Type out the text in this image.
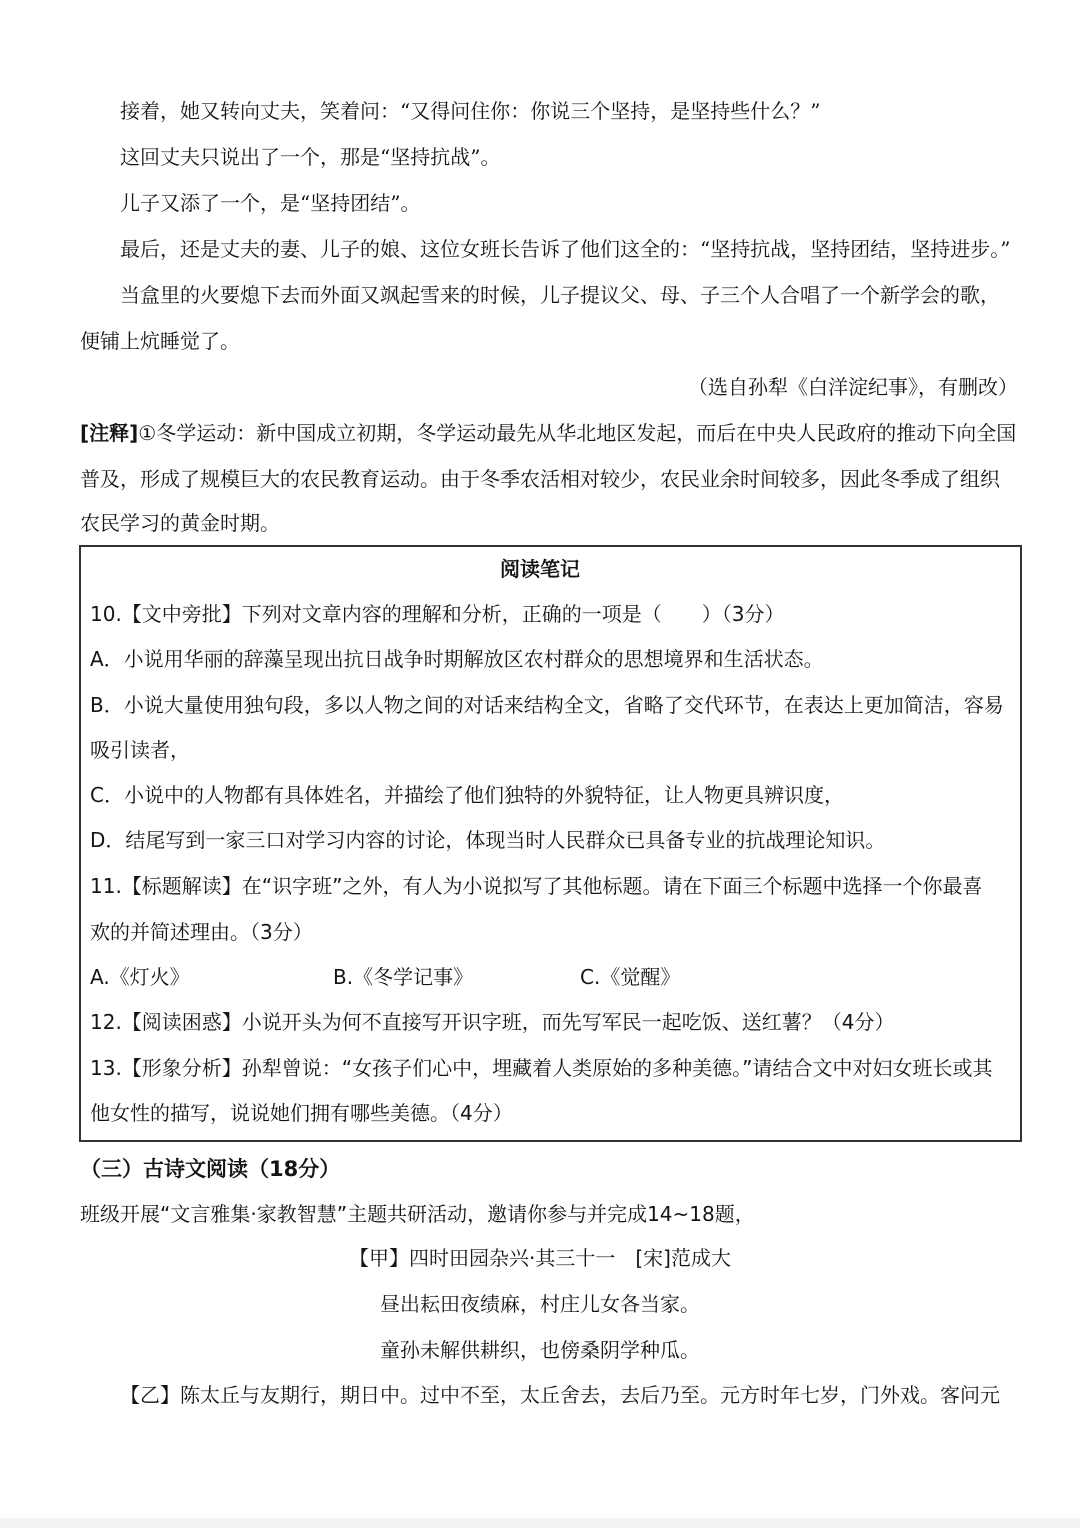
接着，她又转向丈夫，笑着问：“又得问住你：你说三个坚持，是坚持些什么？”
这回丈夫只说出了一个，那是“坚持抗战”。
儿子又添了一个，是“坚持团结”。
最后，还是丈夫的妻、儿子的娘、这位女班长告诉了他们这全的：“坚持抗战，坚持团结，坚持进步。”
当盒里的火要熄下去而外面又飒起雪来的时候，儿子提议父、母、子三个人合唱了一个新学会的歌，
便铺上炕睡觉了。
（选自孙犁《白洋淀纪事》，有删改）
[注释]①冬学运动：新中国成立初期，冬学运动最先从华北地区发起，而后在中央人民政府的推动下向全国
普及，形成了规模巨大的农民教育运动。由于冬季农活相对较少，农民业余时间较多，因此冬季成了组织
农民学习的黄金时期。
阅读笔记
10.【文中旁批】下列对文章内容的理解和分析，正确的一项是（　　）（3分）
A．小说用华丽的辞藻呈现出抗日战争时期解放区农村群众的思想境界和生活状态。
B．小说大量使用独句段，多以人物之间的对话来结构全文，省略了交代环节，在表达上更加简洁，容易
吸引读者，
C．小说中的人物都有具体姓名，并描绘了他们独特的外貌特征，让人物更具辨识度，
D．结尾写到一家三口对学习内容的讨论，体现当时人民群众已具备专业的抗战理论知识。
11.【标题解读】在“识字班”之外，有人为小说拟写了其他标题。请在下面三个标题中选择一个你最喜
欢的并简述理由。（3分）
A.《灯火》	B.《冬学记事》	C.《觉醒》
12.【阅读困惑】小说开头为何不直接写开识字班，而先写军民一起吃饭、送红薯？（4分）
13.【形象分析】孙犁曾说：“女孩子们心中，埋藏着人类原始的多种美德。”请结合文中对妇女班长或其
他女性的描写，说说她们拥有哪些美德。（4分）
（三）古诗文阅读（18分）
班级开展“文言雅集·家教智慧”主题共研活动，邀请你参与并完成14~18题，
【甲】四时田园杂兴·其三十一　[宋]范成大
昼出耘田夜绩麻，村庄儿女各当家。
童孙未解供耕织，也傍桑阴学种瓜。
【乙】陈太丘与友期行，期日中。过中不至，太丘舍去，去后乃至。元方时年七岁，门外戏。客问元
